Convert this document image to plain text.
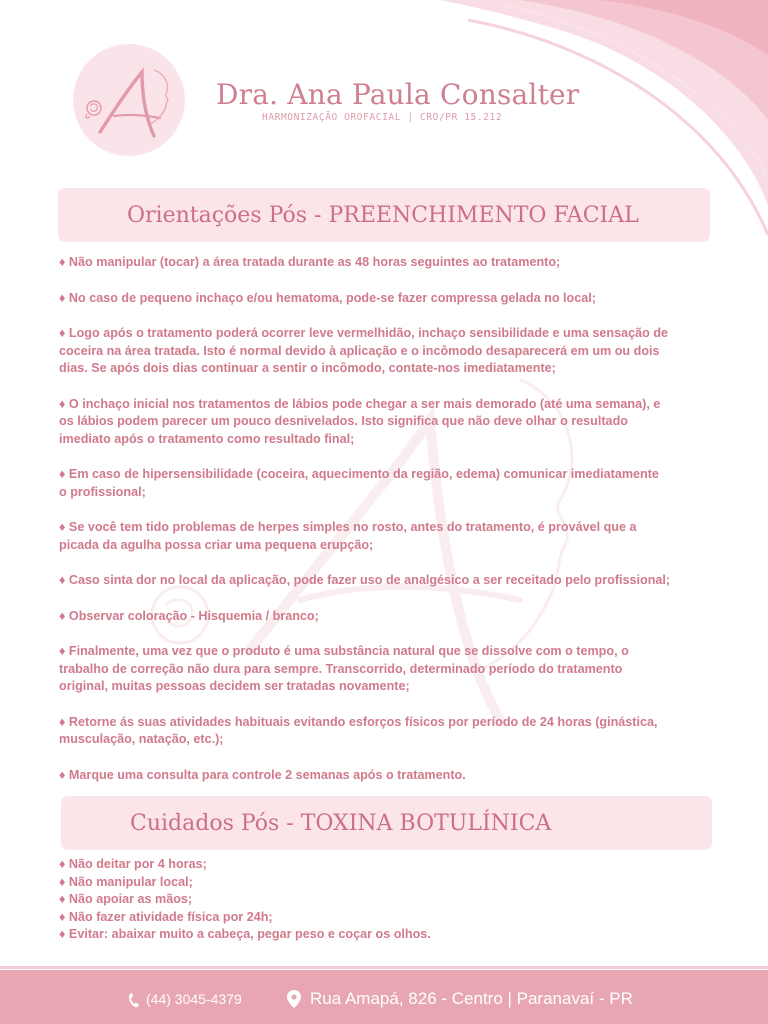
Dra. Ana Paula Consalter
HARMONIZAÇÃO OROFACIAL | CRO/PR 15.212
Orientações Pós - PREENCHIMENTO FACIAL
♦ Não manipular (tocar) a área tratada durante as 48 horas seguintes ao tratamento;
♦ No caso de pequeno inchaço e/ou hematoma, pode-se fazer compressa gelada no local;
♦ Logo após o tratamento poderá ocorrer leve vermelhidão, inchaço sensibilidade e uma sensação de
coceira na área tratada. Isto é normal devido à aplicação e o incômodo desaparecerá em um ou dois
dias. Se após dois dias continuar a sentir o incômodo, contate-nos imediatamente;
♦ O inchaço inicial nos tratamentos de lábios pode chegar a ser mais demorado (até uma semana), e
os lábios podem parecer um pouco desnivelados. Isto significa que não deve olhar o resultado
imediato após o tratamento como resultado final;
♦ Em caso de hipersensibilidade (coceira, aquecimento da região, edema) comunicar imediatamente
o profissional;
♦ Se você tem tido problemas de herpes simples no rosto, antes do tratamento, é provável que a
picada da agulha possa criar uma pequena erupção;
♦ Caso sinta dor no local da aplicação, pode fazer uso de analgésico a ser receitado pelo profissional;
♦ Observar coloração - Hisquemia / branco;
♦ Finalmente, uma vez que o produto é uma substância natural que se dissolve com o tempo, o
trabalho de correção não dura para sempre. Transcorrido, determinado período do tratamento
original, muitas pessoas decidem ser tratadas novamente;
♦ Retorne ás suas atividades habituais evitando esforços físicos por período de 24 horas (ginástica,
musculação, natação, etc.);
♦ Marque uma consulta para controle 2 semanas após o tratamento.
Cuidados Pós - TOXINA BOTULÍNICA
♦ Não deitar por 4 horas;
♦ Não manipular local;
♦ Não apoiar as mãos;
♦ Não fazer atividade física por 24h;
♦ Evitar: abaixar muito a cabeça, pegar peso e coçar os olhos.
(44) 3045-4379	Rua Amapá, 826 - Centro | Paranavaí - PR
